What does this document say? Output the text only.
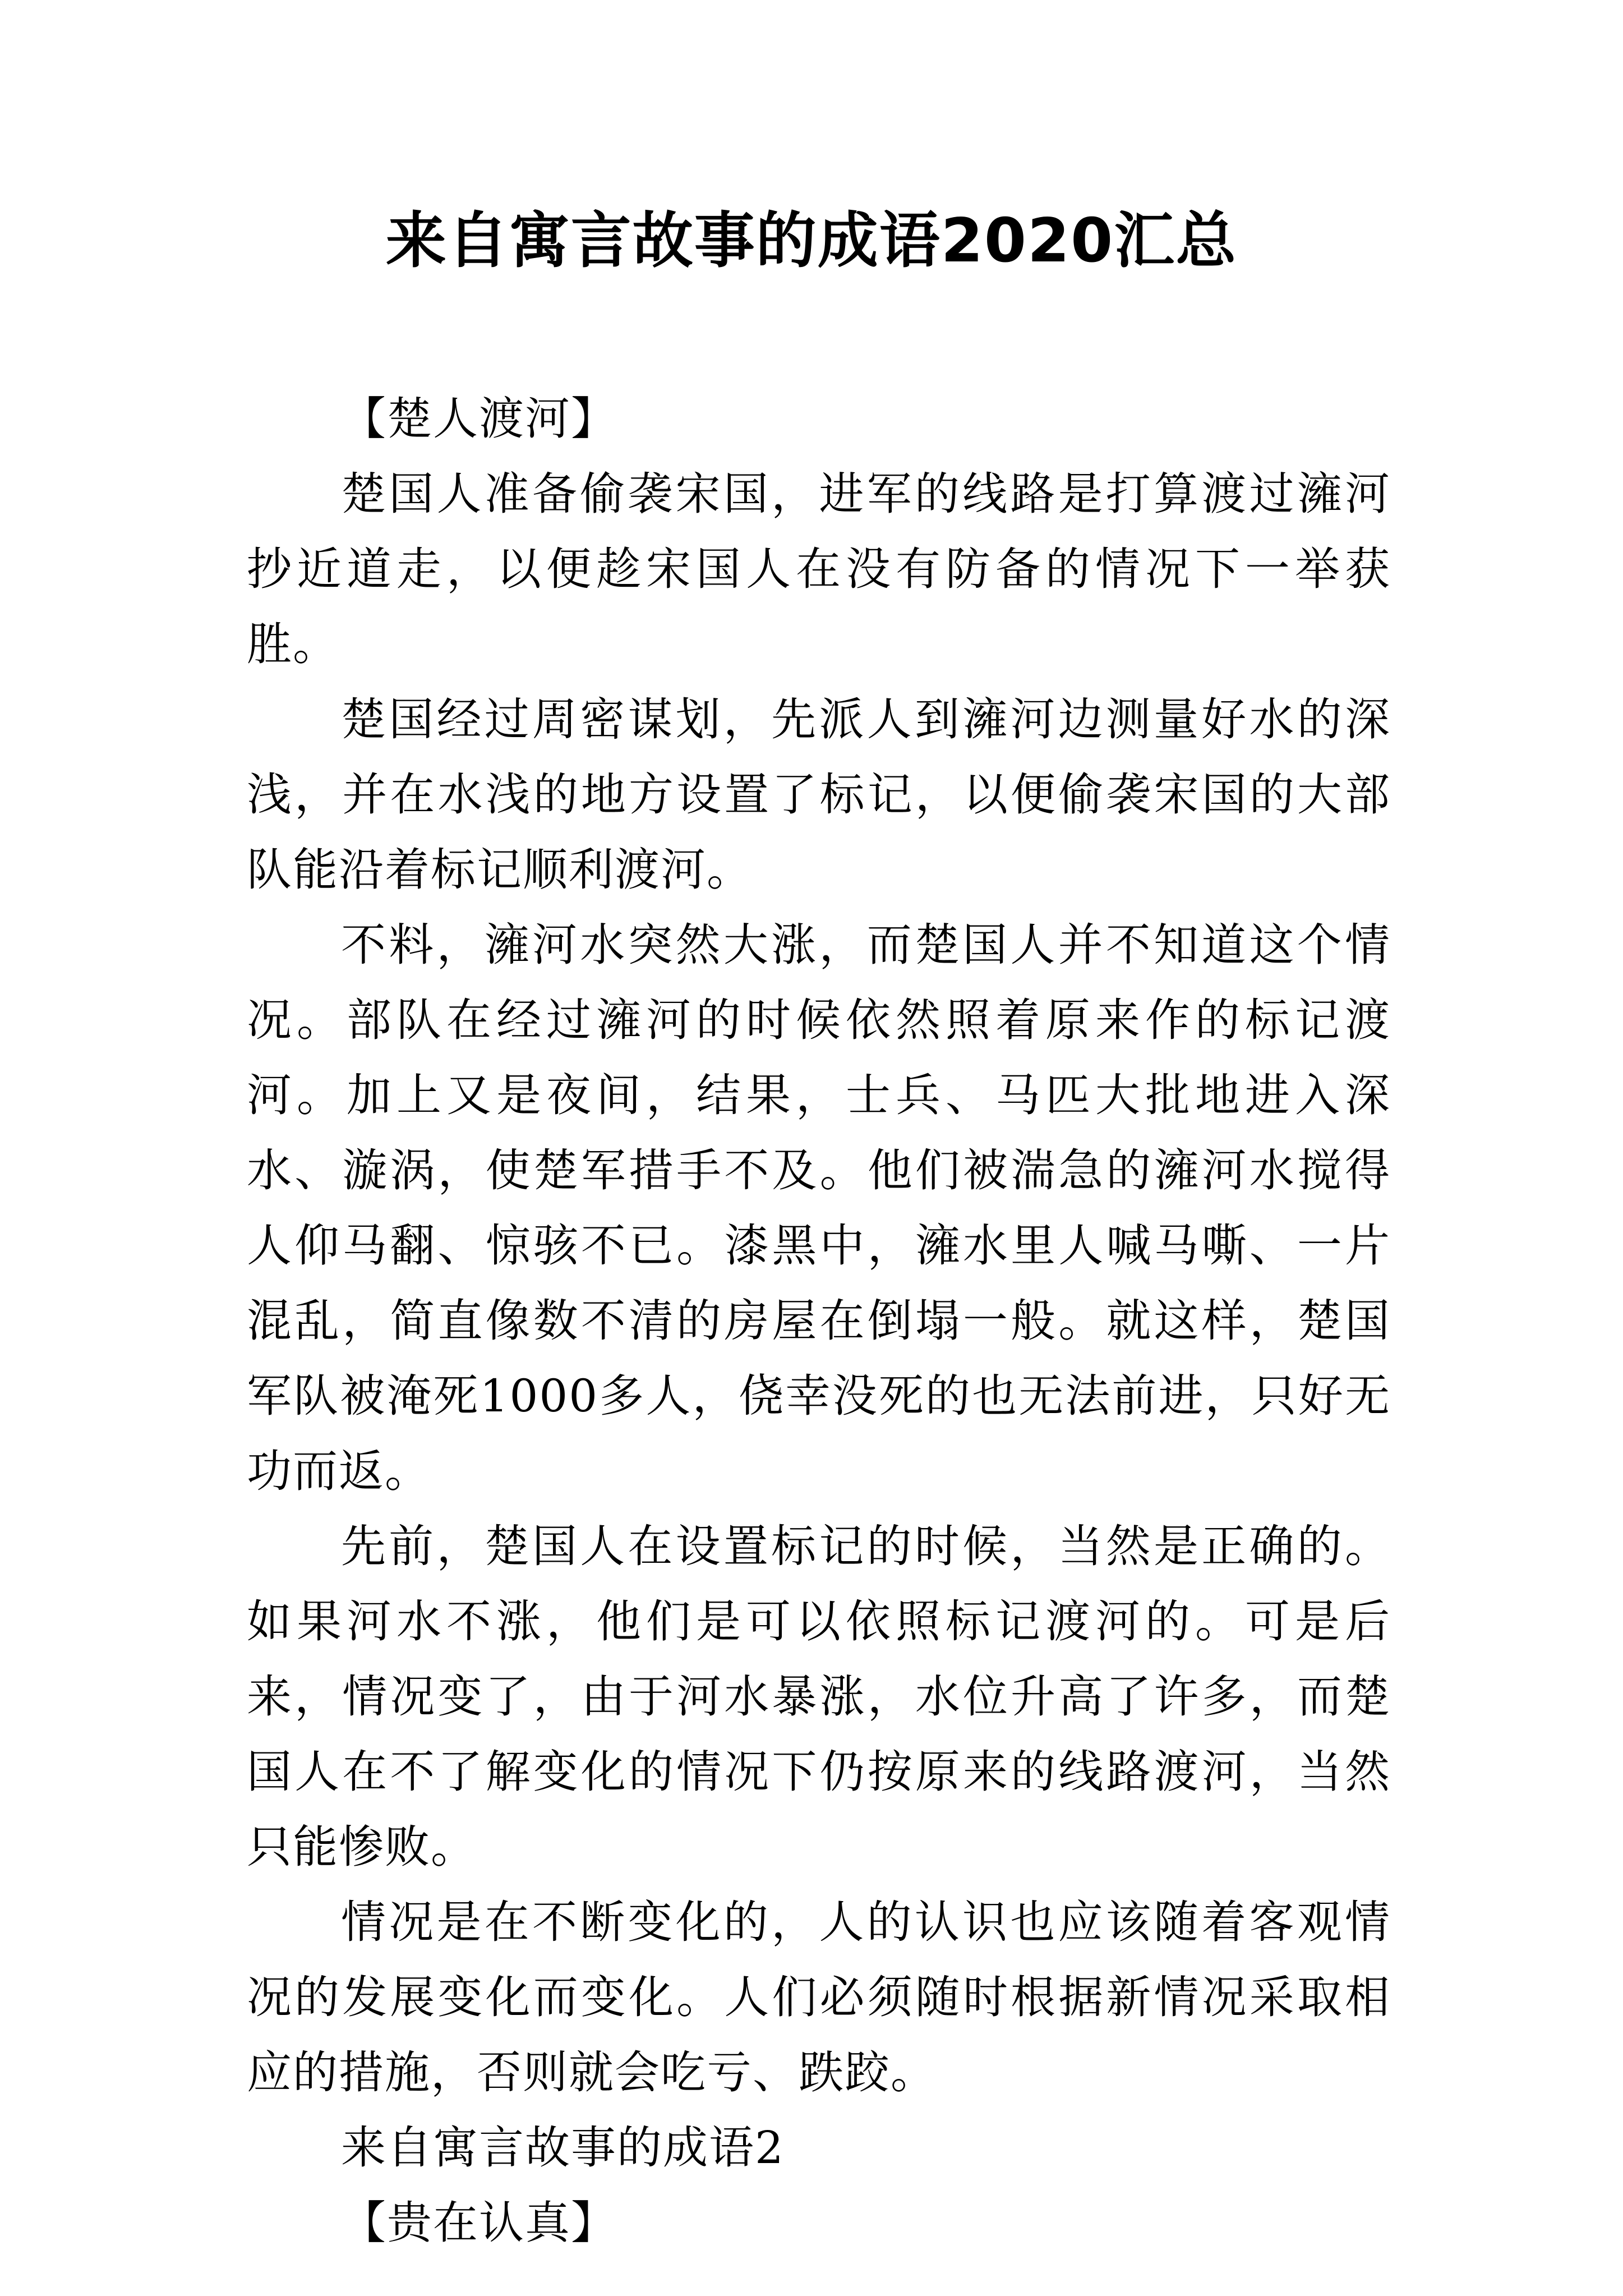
来自寓言故事的成语2020汇总

【楚人渡河】

楚国人准备偷袭宋国，进军的线路是打算渡过澭河抄近道走，以便趁宋国人在没有防备的情况下一举获胜。

楚国经过周密谋划，先派人到澭河边测量好水的深浅，并在水浅的地方设置了标记，以便偷袭宋国的大部队能沿着标记顺利渡河。

不料，澭河水突然大涨，而楚国人并不知道这个情况。部队在经过澭河的时候依然照着原来作的标记渡河。加上又是夜间，结果，士兵、马匹大批地进入深水、漩涡，使楚军措手不及。他们被湍急的澭河水搅得人仰马翻、惊骇不已。漆黑中，澭水里人喊马嘶、一片混乱，简直像数不清的房屋在倒塌一般。就这样，楚国军队被淹死1000多人，侥幸没死的也无法前进，只好无功而返。

先前，楚国人在设置标记的时候，当然是正确的。如果河水不涨，他们是可以依照标记渡河的。可是后来，情况变了，由于河水暴涨，水位升高了许多，而楚国人在不了解变化的情况下仍按原来的线路渡河，当然只能惨败。

情况是在不断变化的，人的认识也应该随着客观情况的发展变化而变化。人们必须随时根据新情况采取相应的措施，否则就会吃亏、跌跤。

来自寓言故事的成语2

【贵在认真】
